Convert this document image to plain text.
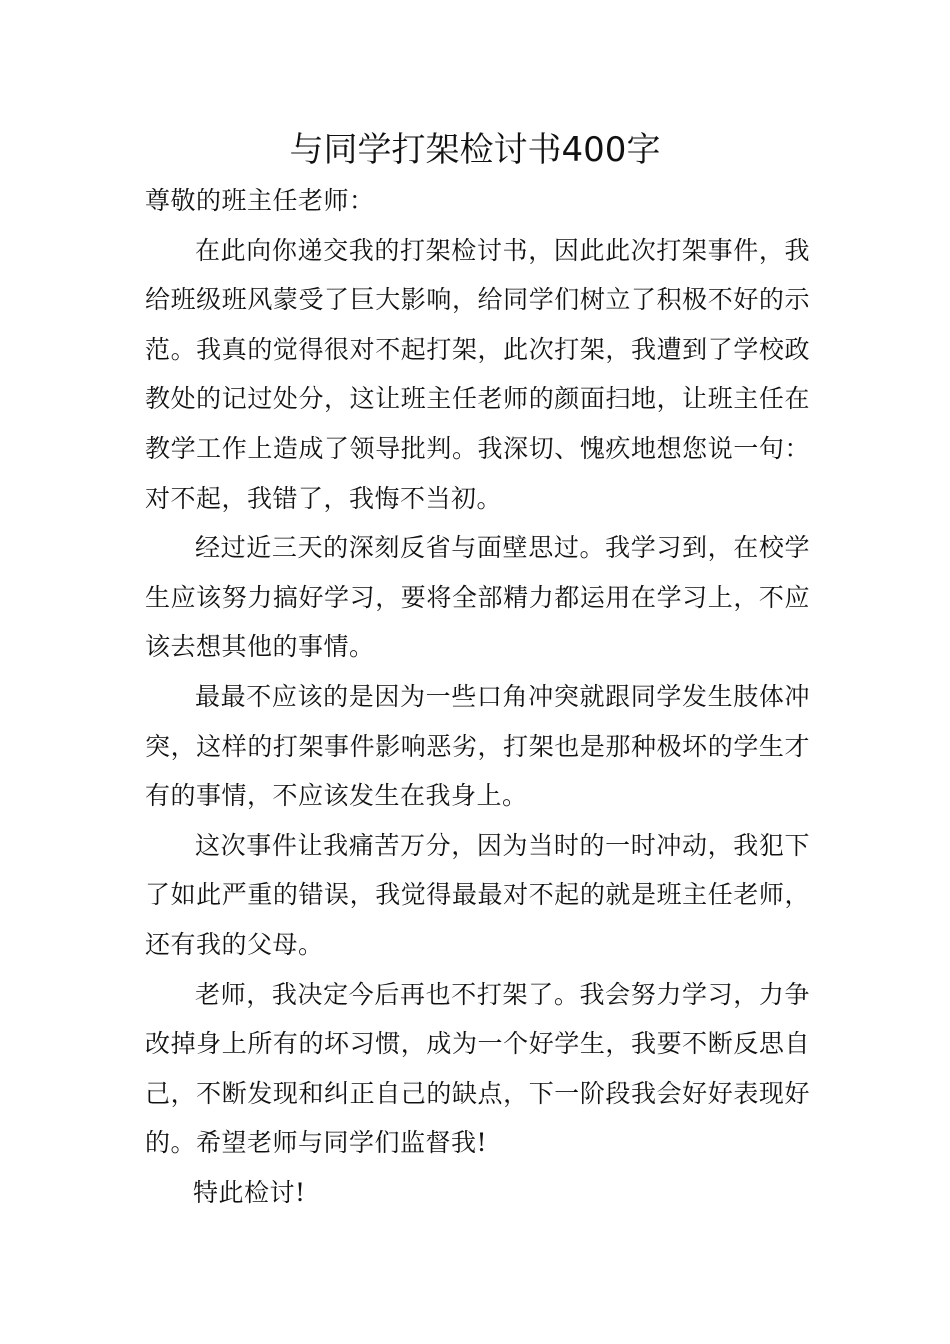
与同学打架检讨书400字

尊敬的班主任老师：

在此向你递交我的打架检讨书，因此此次打架事件，我给班级班风蒙受了巨大影响，给同学们树立了积极不好的示范。我真的觉得很对不起打架，此次打架，我遭到了学校政教处的记过处分，这让班主任老师的颜面扫地，让班主任在教学工作上造成了领导批判。我深切、愧疚地想您说一句：对不起，我错了，我悔不当初。

经过近三天的深刻反省与面壁思过。我学习到，在校学生应该努力搞好学习，要将全部精力都运用在学习上，不应该去想其他的事情。

最最不应该的是因为一些口角冲突就跟同学发生肢体冲突，这样的打架事件影响恶劣，打架也是那种极坏的学生才有的事情，不应该发生在我身上。

这次事件让我痛苦万分，因为当时的一时冲动，我犯下了如此严重的错误，我觉得最最对不起的就是班主任老师，还有我的父母。

老师，我决定今后再也不打架了。我会努力学习，力争改掉身上所有的坏习惯，成为一个好学生，我要不断反思自己，不断发现和纠正自己的缺点，下一阶段我会好好表现好的。希望老师与同学们监督我!

特此检讨!
